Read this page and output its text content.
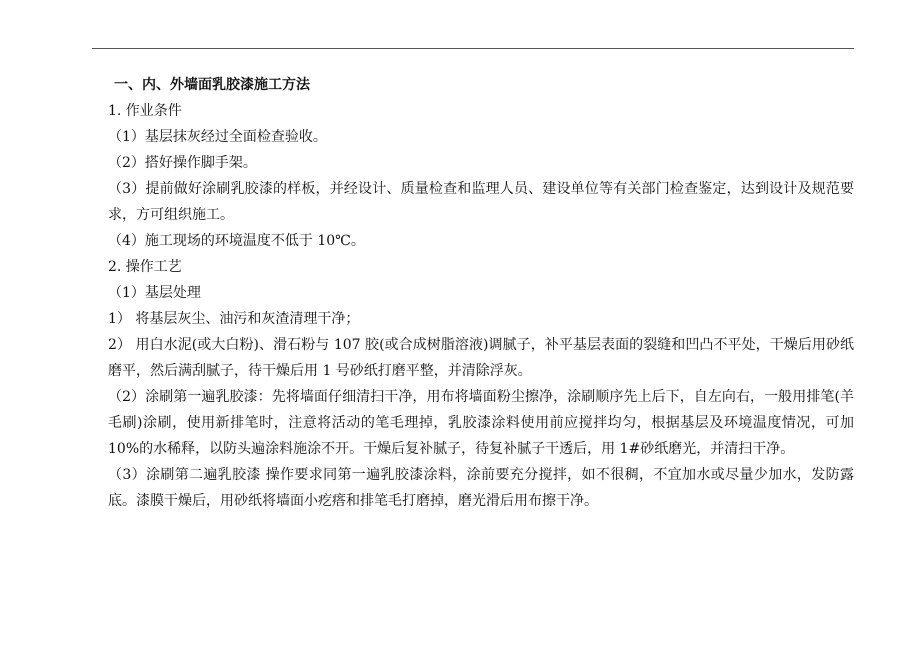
一、内、外墙面乳胶漆施工方法

1. 作业条件

（1）基层抹灰经过全面检查验收。

（2）搭好操作脚手架。

（3）提前做好涂刷乳胶漆的样板，并经设计、质量检查和监理人员、建设单位等有关部门检查鉴定，达到设计及规范要求，方可组织施工。

（4）施工现场的环境温度不低于 10℃。

2. 操作工艺

（1）基层处理

1） 将基层灰尘、油污和灰渣清理干净；

2） 用白水泥(或大白粉)、滑石粉与 107 胶(或合成树脂溶液)调腻子，补平基层表面的裂缝和凹凸不平处，干燥后用砂纸磨平，然后满刮腻子，待干燥后用 1 号砂纸打磨平整，并清除浮灰。

（2）涂刷第一遍乳胶漆：先将墙面仔细清扫干净，用布将墙面粉尘擦净，涂刷顺序先上后下，自左向右，一般用排笔(羊毛刷)涂刷，使用新排笔时，注意将活动的笔毛理掉，乳胶漆涂料使用前应搅拌均匀，根据基层及环境温度情况，可加 10%的水稀释，以防头遍涂料施涂不开。干燥后复补腻子，待复补腻子干透后，用 1#砂纸磨光，并清扫干净。

（3）涂刷第二遍乳胶漆 操作要求同第一遍乳胶漆涂料，涂前要充分搅拌，如不很稠，不宜加水或尽量少加水，发防露底。漆膜干燥后，用砂纸将墙面小疙瘩和排笔毛打磨掉，磨光滑后用布擦干净。
